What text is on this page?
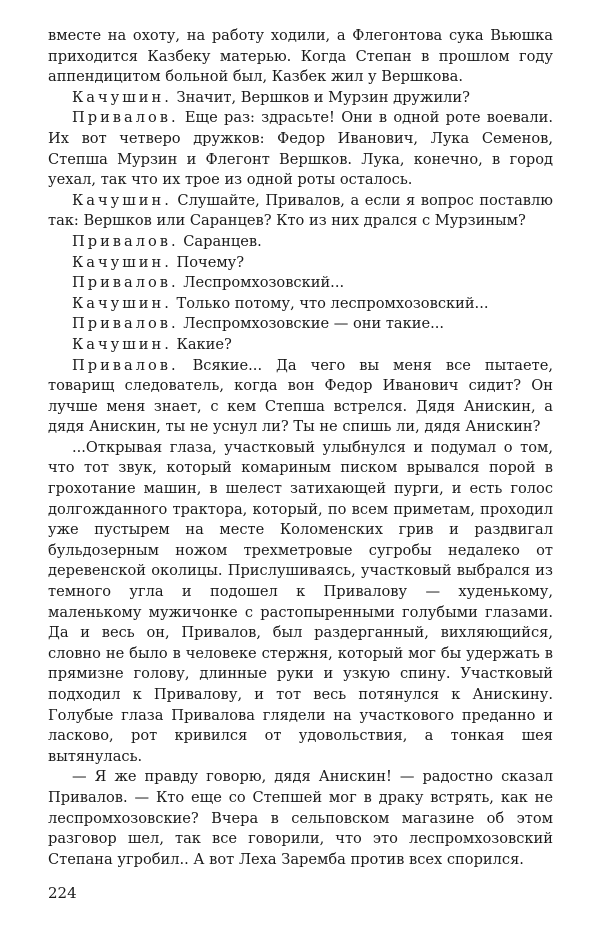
вместе на охоту, на работу ходили, а Флегонтова сука Вьюшка приходится Казбеку матерью. Когда Степан в прошлом году аппендицитом больной был, Казбек жил у Вершкова.

Качушин. Значит, Вершков и Мурзин дружили?

Привалов. Еще раз: здрасьте! Они в одной роте воевали. Их вот четверо дружков: Федор Иванович, Лука Семенов, Степша Мурзин и Флегонт Вершков. Лука, конечно, в город уехал, так что их трое из одной роты осталось.

Качушин. Слушайте, Привалов, а если я вопрос поставлю так: Вершков или Саранцев? Кто из них дрался с Мурзиным?

Привалов. Саранцев.

Качушин. Почему?

Привалов. Леспромхозовский...

Качушин. Только потому, что леспромхозовский...

Привалов. Леспромхозовские — они такие...

Качушин. Какие?

Привалов. Всякие... Да чего вы меня все пытаете, товарищ следователь, когда вон Федор Иванович сидит? Он лучше меня знает, с кем Степша встрелся. Дядя Анискин, а дядя Анискин, ты не уснул ли? Ты не спишь ли, дядя Анискин?

...Открывая глаза, участковый улыбнулся и подумал о том, что тот звук, который комариным писком врывался порой в грохотание машин, в шелест затихающей пурги, и есть голос долгожданного трактора, который, по всем приметам, проходил уже пустырем на месте Коломенских грив и раздвигал бульдозерным ножом трехметровые сугробы недалеко от деревенской околицы. Прислушиваясь, участковый выбрался из темного угла и подошел к Привалову — худенькому, маленькому мужичонке с растопыренными голубыми глазами. Да и весь он, Привалов, был раздерганный, вихляющийся, словно не было в человеке стержня, который мог бы удержать в прямизне голову, длинные руки и узкую спину. Участковый подходил к Привалову, и тот весь потянулся к Анискину. Голубые глаза Привалова глядели на участкового преданно и ласково, рот кривился от удовольствия, а тонкая шея вытянулась.

— Я же правду говорю, дядя Анискин! — радостно сказал Привалов. — Кто еще со Степшей мог в драку встрять, как не леспромхозовские? Вчера в сельповском магазине об этом разговор шел, так все говорили, что это леспромхозовский Степана угробил.. А вот Леха Заремба против всех спорился.

224
